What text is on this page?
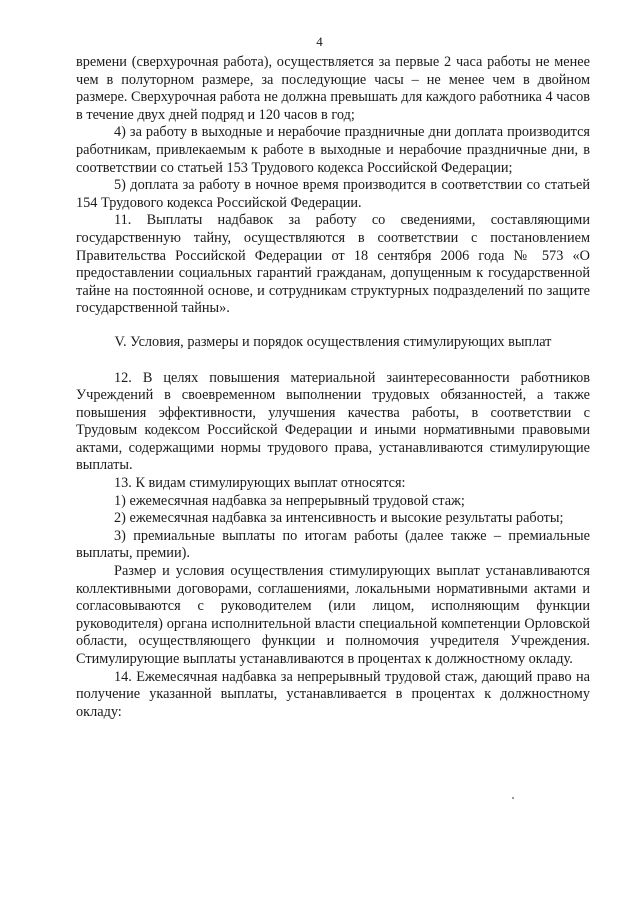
4

времени (сверхурочная работа), осуществляется за первые 2 часа работы не менее чем в полуторном размере, за последующие часы – не менее чем в двойном размере. Сверхурочная работа не должна превышать для каждого работника 4 часов в течение двух дней подряд и 120 часов в год;

4) за работу в выходные и нерабочие праздничные дни доплата производится работникам, привлекаемым к работе в выходные и нерабочие праздничные дни, в соответствии со статьей 153 Трудового кодекса Российской Федерации;

5) доплата за работу в ночное время производится в соответствии со статьей 154 Трудового кодекса Российской Федерации.

11. Выплаты надбавок за работу со сведениями, составляющими государственную тайну, осуществляются в соответствии с постановлением Правительства Российской Федерации от 18 сентября 2006 года № 573 «О предоставлении социальных гарантий гражданам, допущенным к государственной тайне на постоянной основе, и сотрудникам структурных подразделений по защите государственной тайны».

V. Условия, размеры и порядок осуществления стимулирующих выплат

12. В целях повышения материальной заинтересованности работников Учреждений в своевременном выполнении трудовых обязанностей, а также повышения эффективности, улучшения качества работы, в соответствии с Трудовым кодексом Российской Федерации и иными нормативными правовыми актами, содержащими нормы трудового права, устанавливаются стимулирующие выплаты.

13. К видам стимулирующих выплат относятся:

1) ежемесячная надбавка за непрерывный трудовой стаж;

2) ежемесячная надбавка за интенсивность и высокие результаты работы;

3) премиальные выплаты по итогам работы (далее также – премиальные выплаты, премии).

Размер и условия осуществления стимулирующих выплат устанавливаются коллективными договорами, соглашениями, локальными нормативными актами и согласовываются с руководителем (или лицом, исполняющим функции руководителя) органа исполнительной власти специальной компетенции Орловской области, осуществляющего функции и полномочия учредителя Учреждения. Стимулирующие выплаты устанавливаются в процентах к должностному окладу.

14. Ежемесячная надбавка за непрерывный трудовой стаж, дающий право на получение указанной выплаты, устанавливается в процентах к должностному окладу:
